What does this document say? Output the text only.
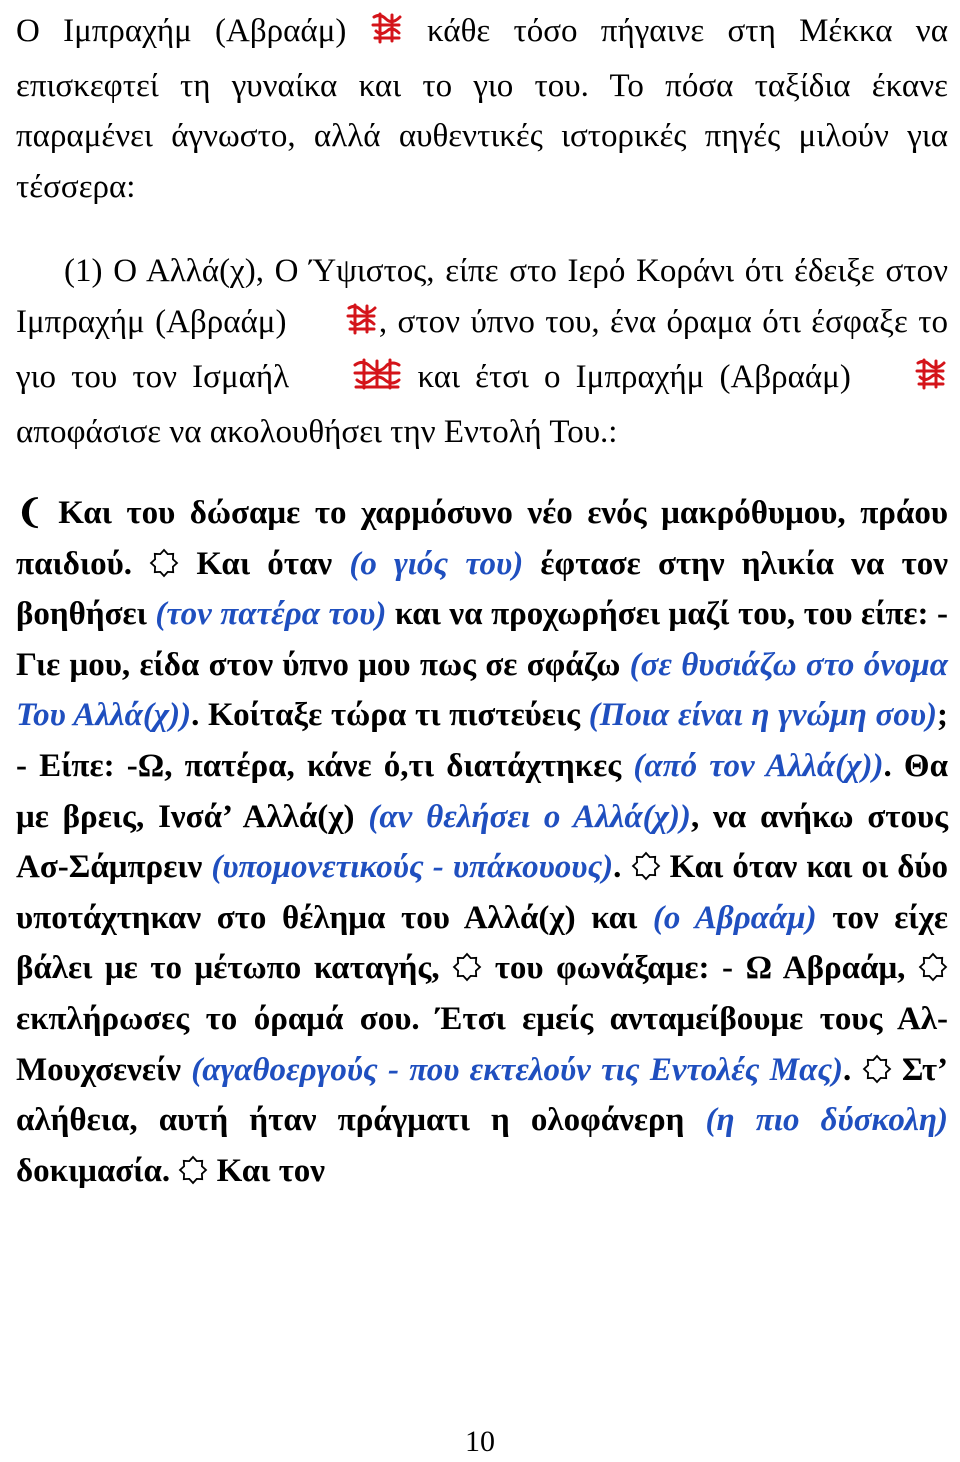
Ο Ιμπραχήμ (Αβραάμ) κάθε τόσο πήγαινε στη Μέκκα να επισκεφτεί τη γυναίκα και το γιο του. Το πόσα ταξίδια έκανε παραμένει άγνωστο, αλλά αυθεντικές ιστορικές πηγές μιλούν για τέσσερα:

(1) Ο Αλλά(χ), Ο Ύψιστος, είπε στο Ιερό Κοράνι ότι έδειξε στον Ιμπραχήμ (Αβραάμ)	, στον ύπνο του, ένα όραμα ότι έσφαξε το γιο του τον Ισμαήλ	και έτσι ο Ιμπραχήμ (Αβραάμ)  αποφάσισε να ακολουθήσει την Εντολή Του.:

❨ Και του δώσαμε το χαρμόσυνο νέο ενός μακρόθυμου, πράου παιδιού. Και όταν (ο γιός του) έφτασε στην ηλικία να τον βοηθήσει (τον πατέρα του) και να προχωρήσει μαζί του, του είπε: - Γιε μου, είδα στον ύπνο μου πως σε σφάζω (σε θυσιάζω στο όνομα Του Αλλά(χ)). Κοίταξε τώρα τι πιστεύεις (Ποια είναι η γνώμη σου); - Είπε: -Ω, πατέρα, κάνε ό,τι διατάχτηκες (από τον Αλλά(χ)). Θα με βρεις, Ινσά’ Αλλά(χ) (αν θελήσει ο Αλλά(χ)), να ανήκω στους Ασ-Σάμπρειν (υπομονετικούς - υπάκουους). Και όταν και οι δύο υποτάχτηκαν στο θέλημα του Αλλά(χ) και (ο Αβραάμ) τον είχε βάλει με το μέτωπο καταγής, του φωνάξαμε: - Ω Αβραάμ,
εκπλήρωσες το όραμά σου. Έτσι εμείς ανταμείβουμε τους Αλ-Μουχσενείν (αγαθοεργούς - που εκτελούν τις Εντολές Μας). Στ’ αλήθεια, αυτή ήταν πράγματι η ολοφάνερη (η πιο δύσκολη) δοκιμασία. Και τον

10
